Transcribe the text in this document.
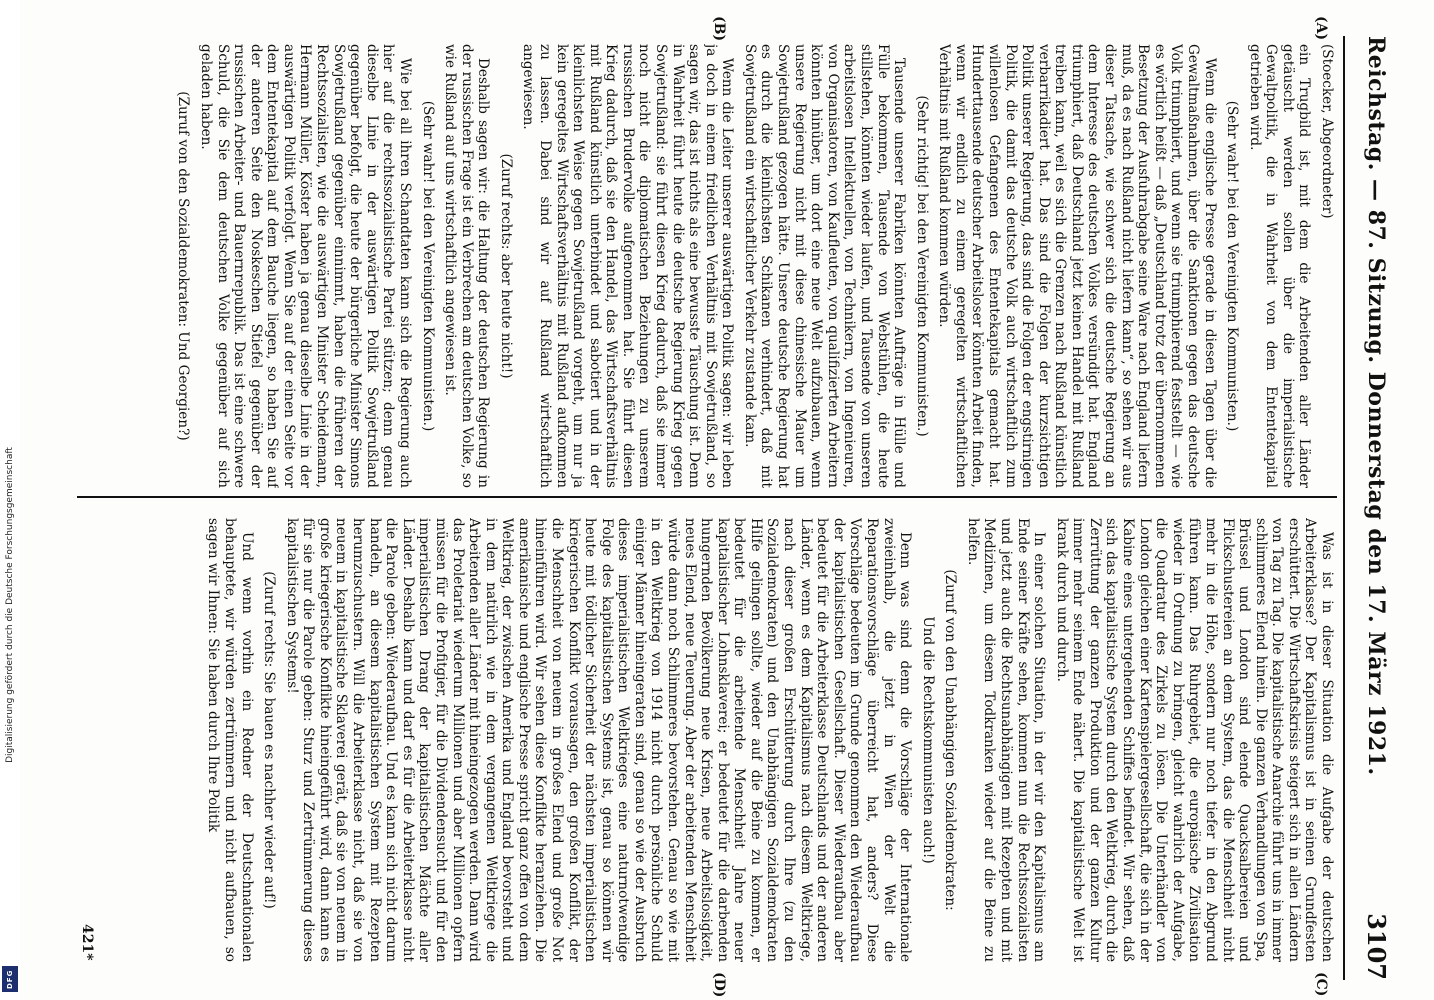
Digitalisierung gefördert durch die Deutsche Forschungsgemeinschaft
DFG
Reichstag. — 87. Sitzung. Donnerstag den 17. März 1921.
3107
(A)
(B)
(C)
(D)

(Stoecker, Abgeordneter)

ein Trugbild ist, mit dem die Arbeitenden aller Länder getäuscht werden sollen über die imperialistische Gewaltpolitik, die in Wahrheit von dem Ententekapital getrieben wird.

(Sehr wahr! bei den Vereinigten Kommunisten.)

Wenn die englische Presse gerade in diesen Tagen über die Gewaltmaßnahmen, über die Sanktionen gegen das deutsche Volk triumphiert, und wenn sie triumphierend feststellt — wie es wörtlich heißt — daß „Deutschland trotz der übernommenen Besetzung der Ausfuhrabgabe seine Ware nach England liefern muß, da es nach Rußland nicht liefern kann“, so sehen wir aus dieser Tatsache, wie schwer sich die deutsche Regierung an dem Interesse des deutschen Volkes versündigt hat. England triumphiert, daß Deutschland jetzt keinen Handel mit Rußland treiben kann, weil es sich die Grenzen nach Rußland künstlich verbarrikadiert hat. Das sind die Folgen der kurzsichtigen Politik unserer Regierung, das sind die Folgen der engstirnigen Politik, die damit das deutsche Volk auch wirtschaftlich zum willenlosen Gefangenen des Ententekapitals gemacht hat. Hunderttausende deutscher Arbeitsloser könnten Arbeit finden, wenn wir endlich zu einem geregelten wirtschaftlichen Verhältnis mit Rußland kommen würden.

(Sehr richtig! bei den Vereinigten Kommunisten.)

Tausende unserer Fabriken könnten Aufträge in Hülle und Fülle bekommen, Tausende von Webstühlen, die heute stillstehen, könnten wieder laufen, und Tausende von unseren arbeitslosen Intellektuellen, von Technikern, von Ingenieuren, von Organisatoren, von Kaufleuten, von qualifizierten Arbeitern könnten hinüber, um dort eine neue Welt aufzubauen, wenn unsere Regierung nicht mit diese chinesische Mauer um Sowjetrußland gezogen hätte. Unsere deutsche Regierung hat es durch die kleinlichsten Schikanen verhindert, daß mit Sowjetrußland ein wirtschaftlicher Verkehr zustande kam.

Wenn die Leiter unserer auswärtigen Politik sagen: wir leben ja doch in einem friedlichen Verhältnis mit Sowjetrußland, so sagen wir, das ist nichts als eine bewusste Täuschung ist. Denn in Wahrheit führt heute die deutsche Regierung Krieg gegen Sowjetrußland: sie führt diesen Krieg dadurch, daß sie immer noch nicht die diplomatischen Beziehungen zu unserem russischen Brudervolke aufgenommen hat. Sie führt diesen Krieg dadurch, daß sie den Handel, das Wirtschaftsverhältnis mit Rußland künstlich unterbindet und sabotiert und in der kleinlichsten Weise gegen Sowjetrußland vorgeht, um nur ja kein geregeltes Wirtschaftsverhältnis mit Rußland aufkommen zu lassen. Dabei sind wir auf Rußland wirtschaftlich angewiesen.

(Zuruf rechts: aber heute nicht!)

Deshalb sagen wir: die Haltung der deutschen Regierung in der russischen Frage ist ein Verbrechen am deutschen Volke, so wie Rußland auf uns wirtschaftlich angewiesen ist.

(Sehr wahr! bei den Vereinigten Kommunisten.)

Wie bei all ihren Schandtaten kann sich die Regierung auch hier auf die rechtssozialistische Partei stützen; denn genau dieselbe Linie in der auswärtigen Politik Sowjetrußland gegenüber befolgt, die heute der bürgerliche Minister Simons Sowjetrußland gegenüber einnimmt, haben die früheren der Rechtssozialisten, wie die auswärtigen Minister Scheidemann, Hermann Müller, Köster haben ja genau dieselbe Linie in der auswärtigen Politik verfolgt. Wenn Sie auf der einen Seite vor dem Ententekapital auf dem Bauche liegen, so haben Sie auf der anderen Seite den Noskeschen Stiefel gegenüber der russischen Arbeiter- und Bauernrepublik. Das ist eine schwere Schuld, die Sie dem deutschen Volke gegenüber auf sich geladen haben.

(Zuruf von den Sozialdemokraten: Und Georgien?)

Was ist in dieser Situation die Aufgabe der deutschen Arbeiterklasse? Der Kapitalismus ist in seinen Grundfesten erschüttert. Die Wirtschaftskrisis steigert sich in allen Ländern von Tag zu Tag. Die kapitalistische Anarchie führt uns in immer schlimmeres Elend hinein. Die ganzen Verhandlungen von Spa, Brüssel und London sind elende Quacksalbereien und Flickschustereien an dem System, das die Menschheit nicht mehr in die Höhe, sondern nur noch tiefer in den Abgrund führen kann. Das Ruhrgebiet, die europäische Zivilisation wieder in Ordnung zu bringen, gleicht wahrlich der Aufgabe, die Quadratur des Zirkels zu lösen. Die Unterhändler von London gleichen einer Kartenspielergesellschaft, die sich in der Kabine eines untergehenden Schiffes befindet. Wir sehen, daß sich das kapitalistische System durch den Weltkrieg, durch die Zerrüttung der ganzen Produktion und der ganzen Kultur immer mehr seinem Ende nähert. Die kapitalistische Welt ist krank durch und durch.

In einer solchen Situation, in der wir den Kapitalismus am Ende seiner Kräfte sehen, kommen nun die Rechtssozialisten und jetzt auch die Rechtsunabhängigen mit Rezepten und mit Medizinen, um diesem Todkranken wieder auf die Beine zu helfen.

(Zuruf von den Unabhängigen Sozialdemokraten:

Und die Rechtskommunisten auch!)

Denn was sind denn die Vorschläge der Internationale zweieinhalb, die jetzt in Wien der Welt die Reparationsvorschläge überreicht hat, anders? Diese Vorschläge bedeuten im Grunde genommen den Wiederaufbau der kapitalistischen Gesellschaft. Dieser Wiederaufbau aber bedeutet für die Arbeiterklasse Deutschlands und der anderen Länder, wenn es dem Kapitalismus nach diesem Weltkriege, nach dieser großen Erschütterung durch Ihre (zu den Sozialdemokraten) und den Unabhängigen Sozialdemokraten Hilfe gelingen sollte, wieder auf die Beine zu kommen, er bedeutet für die arbeitende Menschheit Jahre neuer kapitalistischer Lohnsklaverei; er bedeutet für die darbenden hungernden Bevölkerung neue Krisen, neue Arbeitslosigkeit, neues Elend, neue Teuerung. Aber der arbeitenden Menschheit würde dann noch Schlimmeres bevorstehen. Genau so wie mit in den Weltkrieg von 1914 nicht durch persönliche Schuld einiger Männer hineingeraten sind, genau so wie der Ausbruch dieses imperialistischen Weltkrieges eine naturnotwendige Folge des kapitalistischen Systems ist, genau so können wir heute mit tödlicher Sicherheit der nächsten imperialistischen kriegerischen Konflikt voraussagen, den großen Konflikt, der die Menschheit von neuem in großes Elend und große Not hineinführen wird. Wir sehen diese Konflikte heranziehen. Die amerikanische und englische Presse spricht ganz offen von dem Weltkrieg, der zwischen Amerika und England bevorsteht und in dem natürlich wie in dem vergangenen Weltkriege die Arbeitenden aller Länder mit hineingezogen werden. Dann wird das Proletariat wiederum Millionen und aber Millionen opfern müssen für die Profitgier, für die Dividendensucht und für den imperialistischen Drang der kapitalistischen Mächte aller Länder. Deshalb kann und darf es für die Arbeiterklasse nicht die Parole geben: Wiederaufbau. Und es kann sich nicht darum handeln, an diesem kapitalistischen System mit Rezepten herumzuschustern. Will die Arbeiterklasse nicht, daß sie von neuem in kapitalistische Sklaverei gerät, daß sie von neuem in große kriegerische Konflikte hineingeführt wird, dann kann es für sie nur die Parole geben: Sturz und Zertrümmerung dieses kapitalistischen Systems!

(Zuruf rechts: Sie bauen es nachher wieder auf!)

Und wenn vorhin ein Redner der Deutschnationalen behauptete, wir würden zertrümmern und nicht aufbauen, so sagen wir Ihnen: Sie haben durch Ihre Politik

421*
